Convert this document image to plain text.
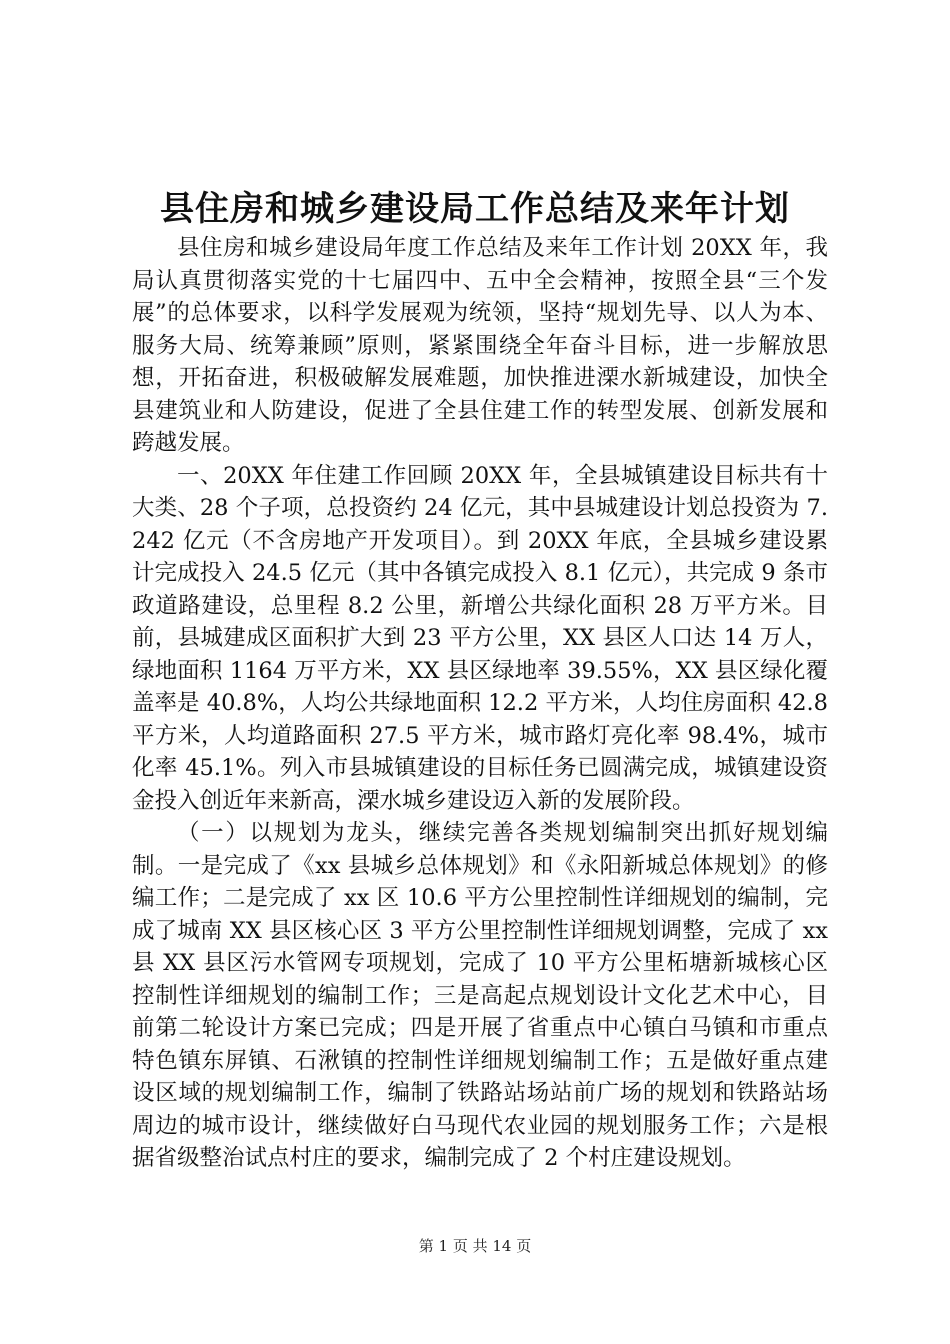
县住房和城乡建设局工作总结及来年计划

县住房和城乡建设局年度工作总结及来年工作计划 20XX 年，我局认真贯彻落实党的十七届四中、五中全会精神，按照全县“三个发展”的总体要求，以科学发展观为统领，坚持“规划先导、以人为本、服务大局、统筹兼顾”原则，紧紧围绕全年奋斗目标，进一步解放思想，开拓奋进，积极破解发展难题，加快推进溧水新城建设，加快全县建筑业和人防建设，促进了全县住建工作的转型发展、创新发展和跨越发展。

一、20XX 年住建工作回顾 20XX 年，全县城镇建设目标共有十大类、28 个子项，总投资约 24 亿元，其中县城建设计划总投资为 7.242 亿元（不含房地产开发项目）。到 20XX 年底，全县城乡建设累计完成投入 24.5 亿元（其中各镇完成投入 8.1 亿元），共完成 9 条市政道路建设，总里程 8.2 公里，新增公共绿化面积 28 万平方米。目前，县城建成区面积扩大到 23 平方公里，XX 县区人口达 14 万人，绿地面积 1164 万平方米，XX 县区绿地率 39.55%，XX 县区绿化覆盖率是 40.8%，人均公共绿地面积 12.2 平方米，人均住房面积 42.8 平方米，人均道路面积 27.5 平方米，城市路灯亮化率 98.4%，城市化率 45.1%。列入市县城镇建设的目标任务已圆满完成，城镇建设资金投入创近年来新高，溧水城乡建设迈入新的发展阶段。

（一）以规划为龙头，继续完善各类规划编制突出抓好规划编制。一是完成了《xx 县城乡总体规划》和《永阳新城总体规划》的修编工作；二是完成了 xx 区 10.6 平方公里控制性详细规划的编制，完成了城南 XX 县区核心区 3 平方公里控制性详细规划调整，完成了 xx 县 XX 县区污水管网专项规划，完成了 10 平方公里柘塘新城核心区控制性详细规划的编制工作；三是高起点规划设计文化艺术中心，目前第二轮设计方案已完成；四是开展了省重点中心镇白马镇和市重点特色镇东屏镇、石湫镇的控制性详细规划编制工作；五是做好重点建设区域的规划编制工作，编制了铁路站场站前广场的规划和铁路站场周边的城市设计，继续做好白马现代农业园的规划服务工作；六是根据省级整治试点村庄的要求，编制完成了 2 个村庄建设规划。

第 1 页 共 14 页
